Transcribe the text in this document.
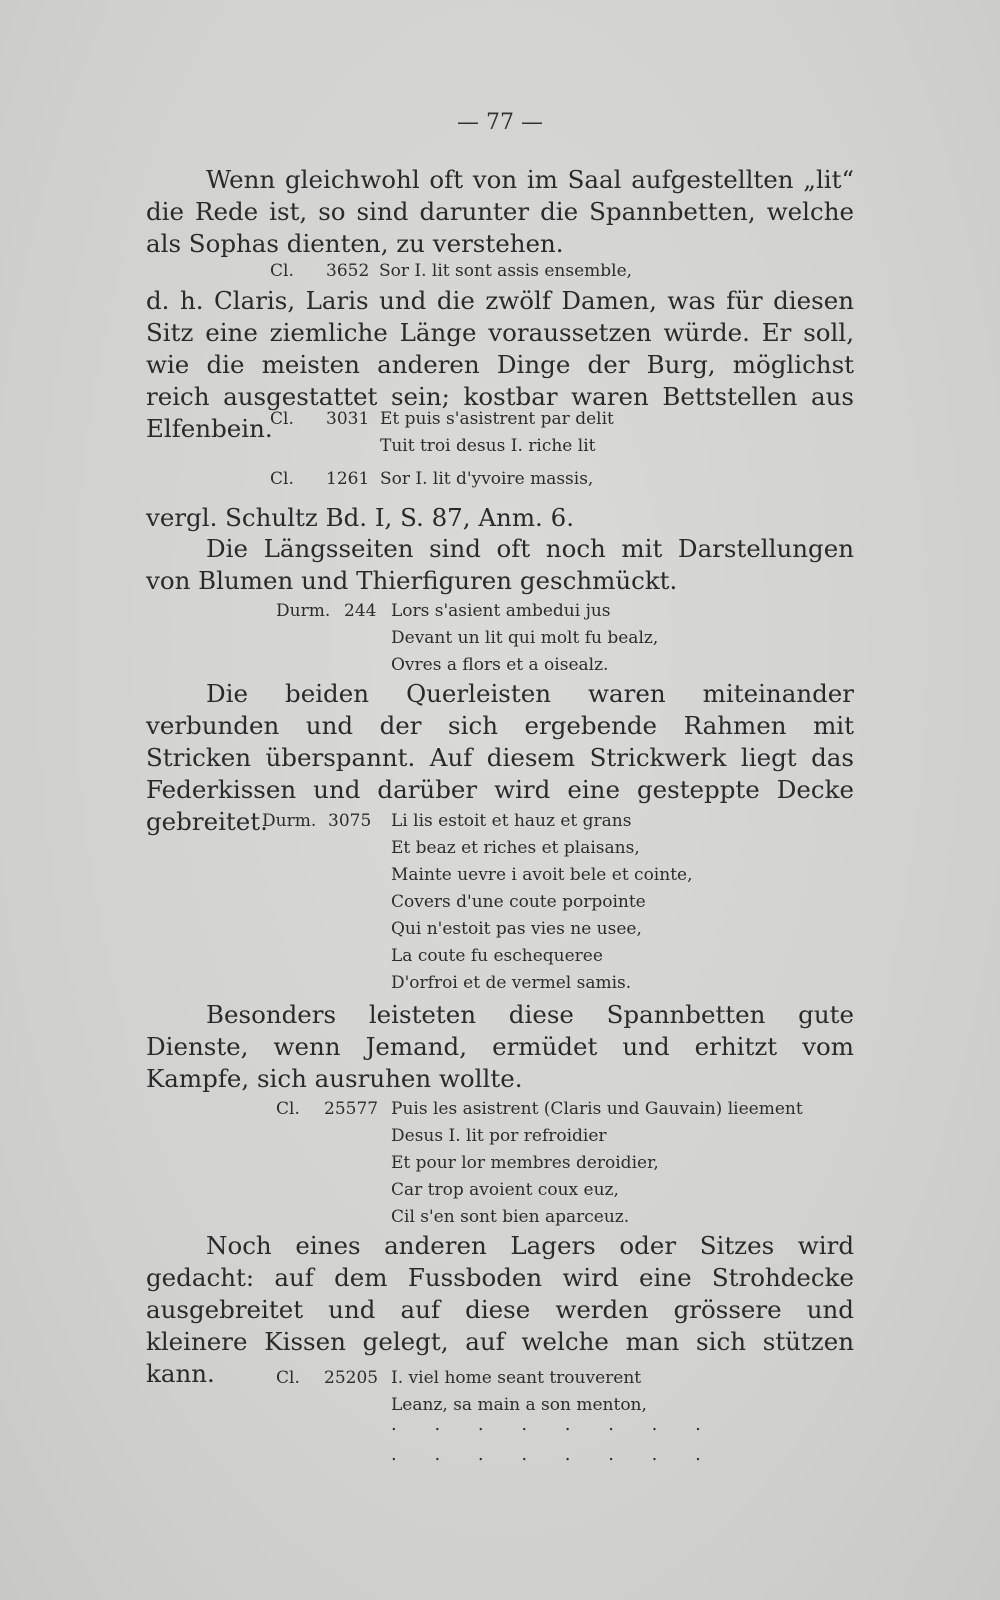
— 77 —
Wenn gleichwohl oft von im Saal aufgestellten „lit“ die Rede ist, so sind darunter die Spannbetten, welche als Sophas dienten, zu verstehen.
Cl. 3652 Sor I. lit sont assis ensemble,
d. h. Claris, Laris und die zwölf Damen, was für diesen Sitz eine ziemliche Länge voraussetzen würde. Er soll, wie die meisten anderen Dinge der Burg, möglichst reich ausgestattet sein; kostbar waren Bettstellen aus Elfenbein.
Cl. 3031 Et puis s'asistrent par delit
Tuit troi desus I. riche lit
Cl. 1261 Sor I. lit d'yvoire massis,
vergl. Schultz Bd. I, S. 87, Anm. 6.
Die Längsseiten sind oft noch mit Darstellungen von Blumen und Thierfiguren geschmückt.
Durm. 244 Lors s'asient ambedui jus
Devant un lit qui molt fu bealz,
Ovres a flors et a oisealz.
Die beiden Querleisten waren miteinander verbunden und der sich ergebende Rahmen mit Stricken überspannt. Auf diesem Strickwerk liegt das Federkissen und darüber wird eine gesteppte Decke gebreitet.
Durm. 3075 Li lis estoit et hauz et grans
Et beaz et riches et plaisans,
Mainte uevre i avoit bele et cointe,
Covers d'une coute porpointe
Qui n'estoit pas vies ne usee,
La coute fu eschequeree
D'orfroi et de vermel samis.
Besonders leisteten diese Spannbetten gute Dienste, wenn Jemand, ermüdet und erhitzt vom Kampfe, sich ausruhen wollte.
Cl. 25577 Puis les asistrent (Claris und Gauvain) lieement
Desus I. lit por refroidier
Et pour lor membres deroidier,
Car trop avoient coux euz,
Cil s'en sont bien aparceuz.
Noch eines anderen Lagers oder Sitzes wird gedacht: auf dem Fussboden wird eine Strohdecke ausgebreitet und auf diese werden grössere und kleinere Kissen gelegt, auf welche man sich stützen kann.	Cl. 25205 I. viel home seant trouverent
Leanz, sa main a son menton,
. . . . . . . .
. . . . . . . .
